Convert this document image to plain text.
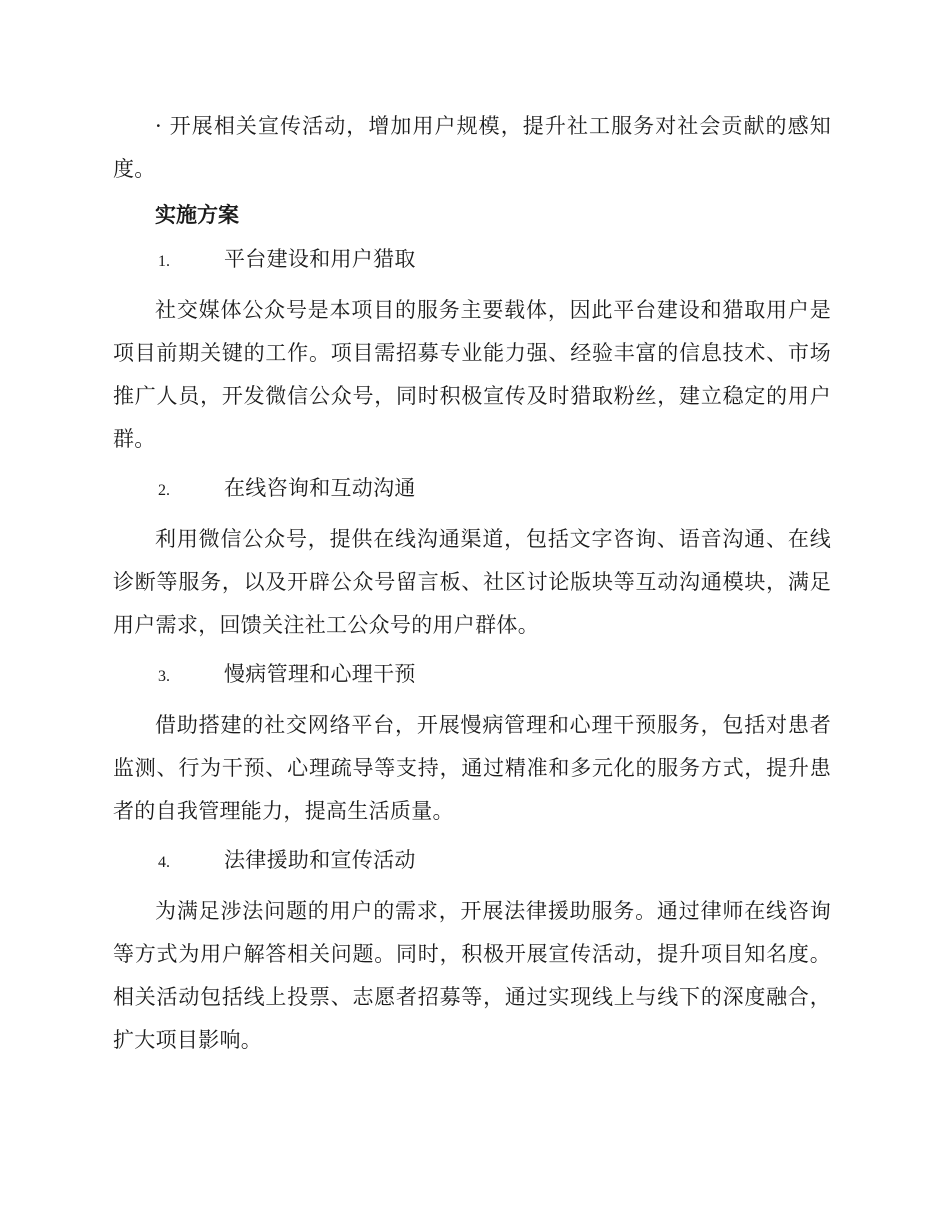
· 开展相关宣传活动，增加用户规模，提升社工服务对社会贡献的感知度。

实施方案
1.	平台建设和用户猎取

社交媒体公众号是本项目的服务主要载体，因此平台建设和猎取用户是项目前期关键的工作。项目需招募专业能力强、经验丰富的信息技术、市场推广人员，开发微信公众号，同时积极宣传及时猎取粉丝，建立稳定的用户群。

2.	在线咨询和互动沟通

利用微信公众号，提供在线沟通渠道，包括文字咨询、语音沟通、在线诊断等服务，以及开辟公众号留言板、社区讨论版块等互动沟通模块，满足用户需求，回馈关注社工公众号的用户群体。

3.	慢病管理和心理干预

借助搭建的社交网络平台，开展慢病管理和心理干预服务，包括对患者监测、行为干预、心理疏导等支持，通过精准和多元化的服务方式，提升患者的自我管理能力，提高生活质量。

4.	法律援助和宣传活动

为满足涉法问题的用户的需求，开展法律援助服务。通过律师在线咨询等方式为用户解答相关问题。同时，积极开展宣传活动，提升项目知名度。相关活动包括线上投票、志愿者招募等，通过实现线上与线下的深度融合，扩大项目影响。
